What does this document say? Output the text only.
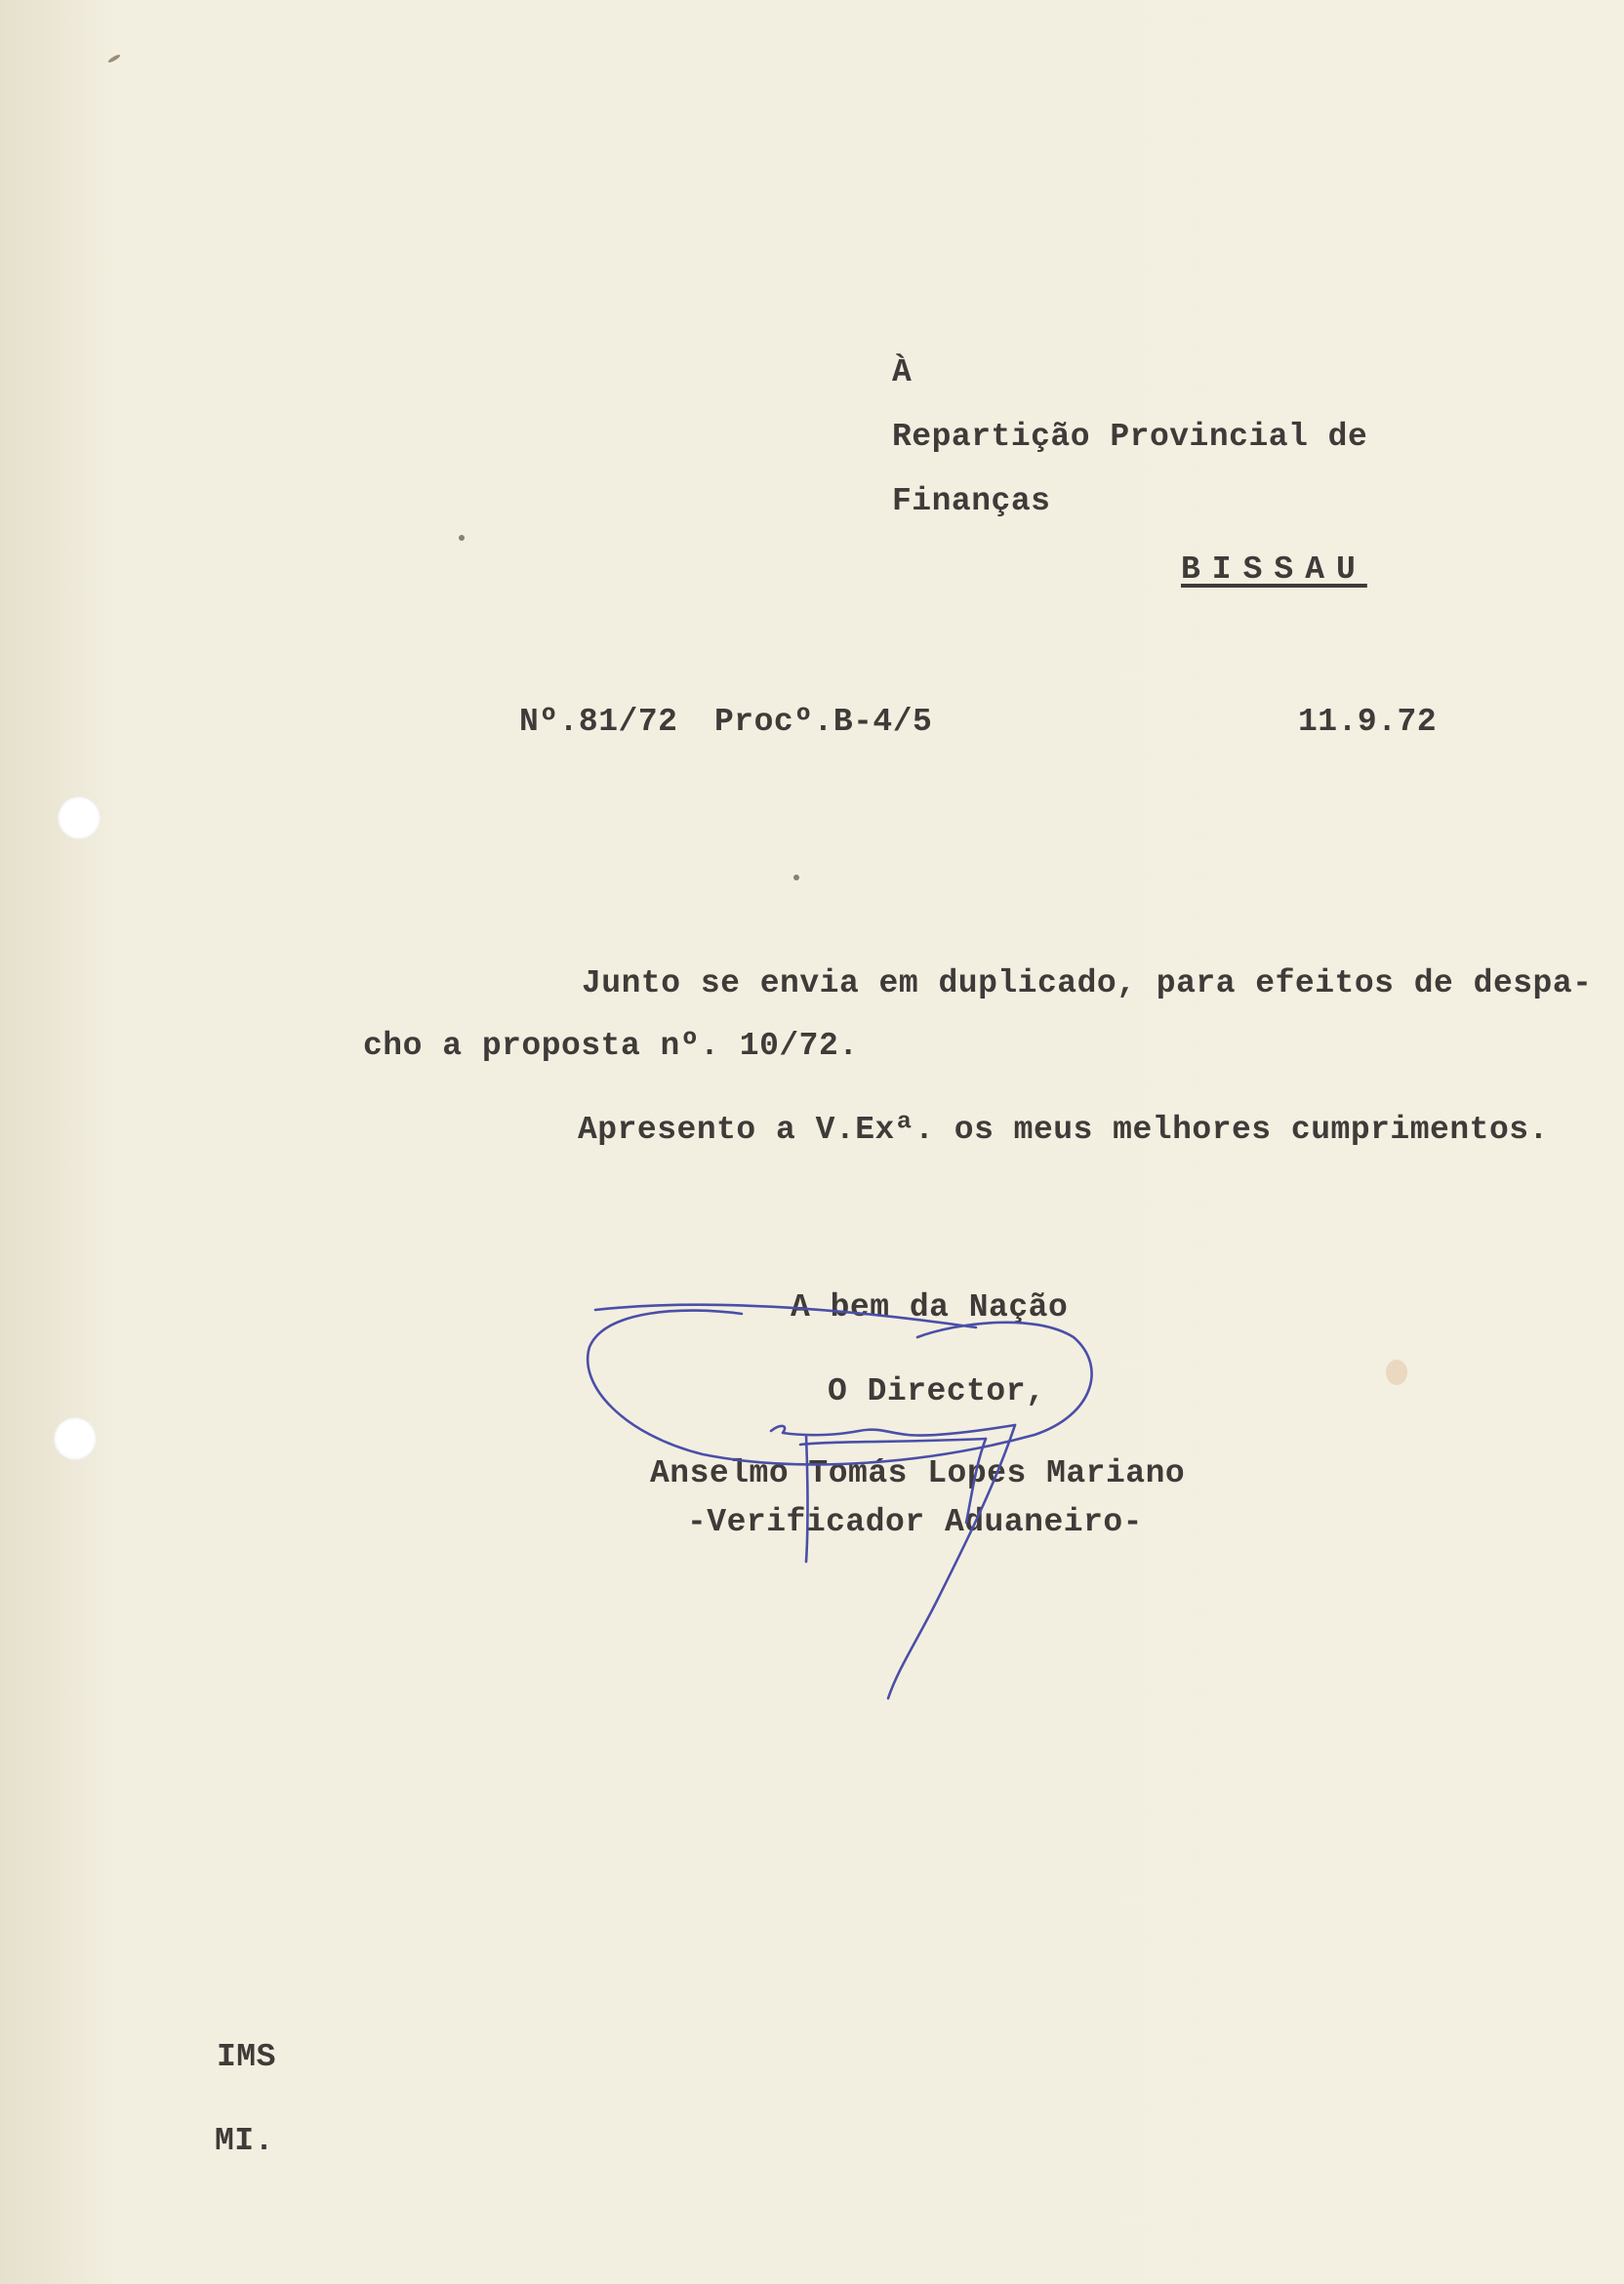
À
Repartição Provincial de
Finanças
BISSAU
Nº.81/72 Procº.B-4/5	11.9.72
Junto se envia em duplicado, para efeitos de despa-
cho a proposta nº. 10/72.
Apresento a V.Exª. os meus melhores cumprimentos.
A bem da Nação
O Director,
Anselmo Tomás Lopes Mariano
-Verificador Aduaneiro-
IMS
MI.
